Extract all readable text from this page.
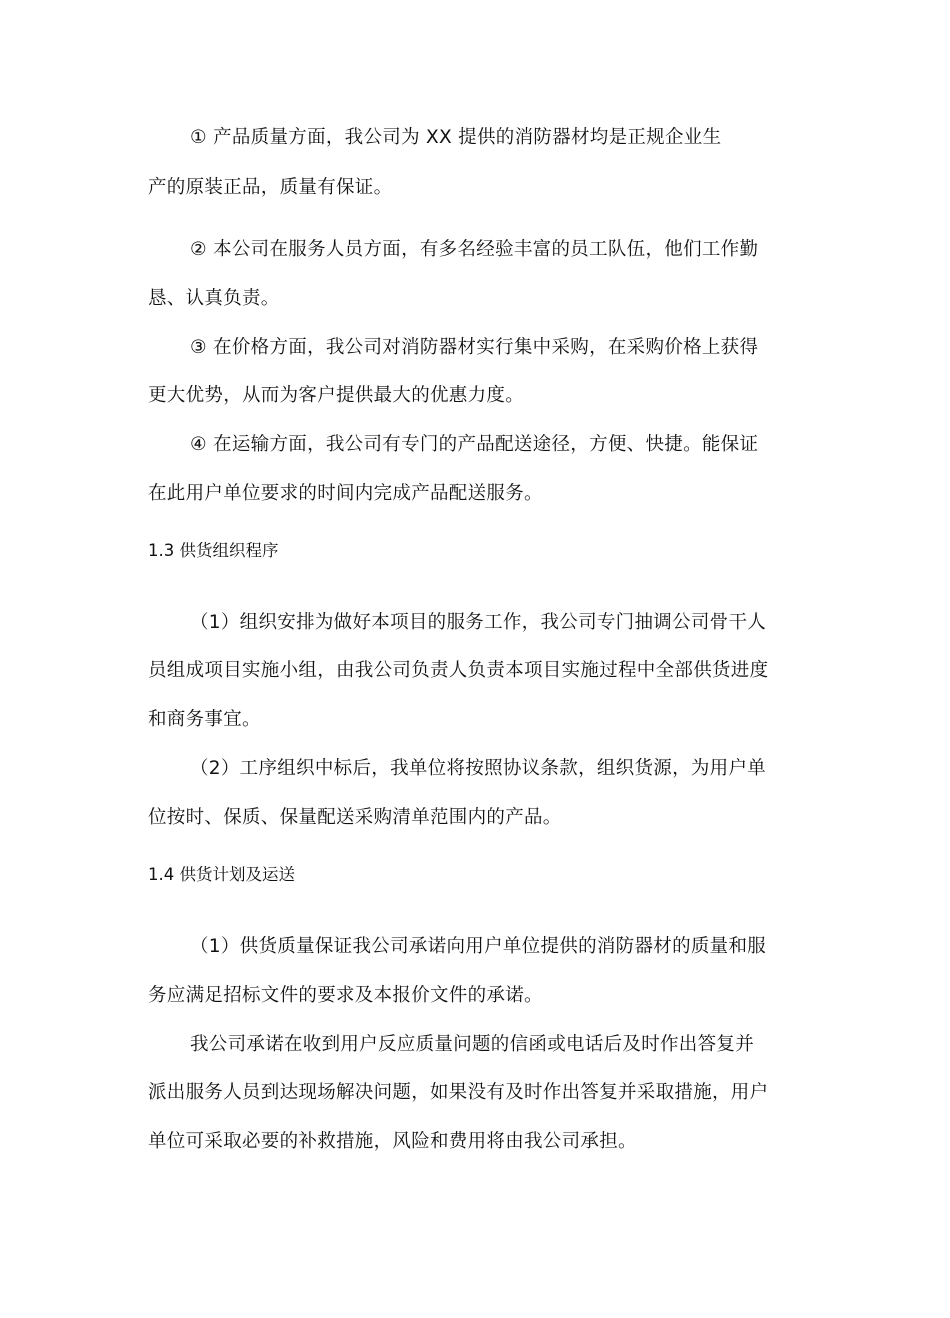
① 产品质量方面，我公司为 XX 提供的消防器材均是正规企业生
产的原装正品，质量有保证。
② 本公司在服务人员方面，有多名经验丰富的员工队伍，他们工作勤
恳、认真负责。
③ 在价格方面，我公司对消防器材实行集中采购，在采购价格上获得
更大优势，从而为客户提供最大的优惠力度。
④ 在运输方面，我公司有专门的产品配送途径，方便、快捷。能保证
在此用户单位要求的时间内完成产品配送服务。
1.3 供货组织程序
（1）组织安排为做好本项目的服务工作，我公司专门抽调公司骨干人
员组成项目实施小组，由我公司负责人负责本项目实施过程中全部供货进度
和商务事宜。
（2）工序组织中标后，我单位将按照协议条款，组织货源，为用户单
位按时、保质、保量配送采购清单范围内的产品。
1.4 供货计划及运送
（1）供货质量保证我公司承诺向用户单位提供的消防器材的质量和服
务应满足招标文件的要求及本报价文件的承诺。
我公司承诺在收到用户反应质量问题的信函或电话后及时作出答复并
派出服务人员到达现场解决问题，如果没有及时作出答复并采取措施，用户
单位可采取必要的补救措施，风险和费用将由我公司承担。
